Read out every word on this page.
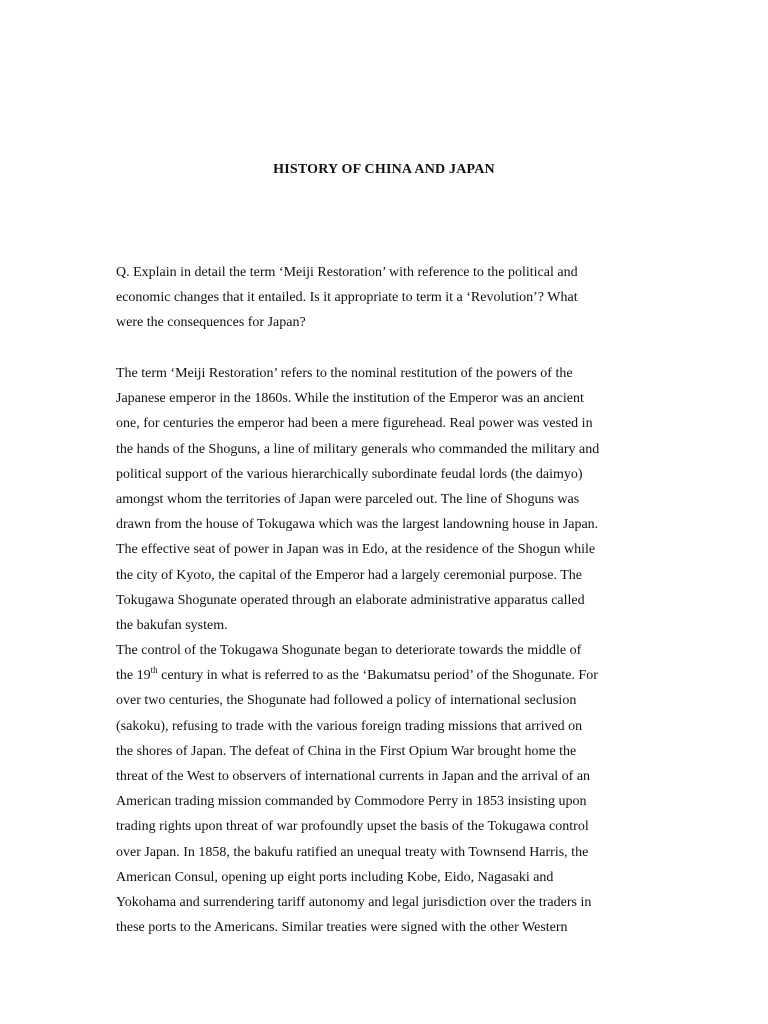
HISTORY OF CHINA AND JAPAN
Q. Explain in detail the term ‘Meiji Restoration’ with reference to the political and
economic changes that it entailed. Is it appropriate to term it a ‘Revolution’? What
were the consequences for Japan?
The term ‘Meiji Restoration’ refers to the nominal restitution of the powers of the
Japanese emperor in the 1860s. While the institution of the Emperor was an ancient
one, for centuries the emperor had been a mere figurehead. Real power was vested in
the hands of the Shoguns, a line of military generals who commanded the military and
political support of the various hierarchically subordinate feudal lords (the daimyo)
amongst whom the territories of Japan were parceled out. The line of Shoguns was
drawn from the house of Tokugawa which was the largest landowning house in Japan.
The effective seat of power in Japan was in Edo, at the residence of the Shogun while
the city of Kyoto, the capital of the Emperor had a largely ceremonial purpose. The
Tokugawa Shogunate operated through an elaborate administrative apparatus called
the bakufan system.
The control of the Tokugawa Shogunate began to deteriorate towards the middle of
the 19th century in what is referred to as the ‘Bakumatsu period’ of the Shogunate. For
over two centuries, the Shogunate had followed a policy of international seclusion
(sakoku), refusing to trade with the various foreign trading missions that arrived on
the shores of Japan. The defeat of China in the First Opium War brought home the
threat of the West to observers of international currents in Japan and the arrival of an
American trading mission commanded by Commodore Perry in 1853 insisting upon
trading rights upon threat of war profoundly upset the basis of the Tokugawa control
over Japan. In 1858, the bakufu ratified an unequal treaty with Townsend Harris, the
American Consul, opening up eight ports including Kobe, Eido, Nagasaki and
Yokohama and surrendering tariff autonomy and legal jurisdiction over the traders in
these ports to the Americans. Similar treaties were signed with the other Western
